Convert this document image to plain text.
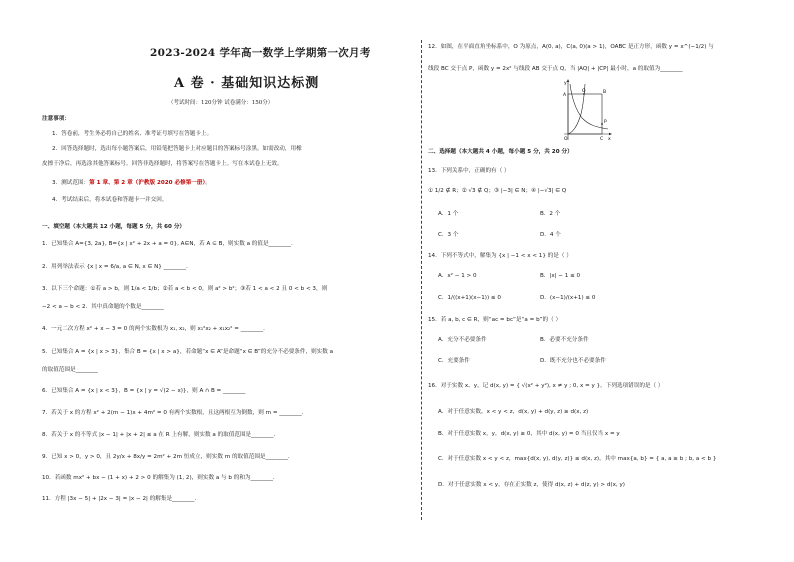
2023-2024 学年高一数学上学期第一次月考
A 卷 · 基础知识达标测
（考试时间：120分钟 试卷满分：150分）
注意事项：
1．答卷前，考生务必将自己的姓名、准考证号填写在答题卡上。
2．回答选择题时，选出每小题答案后，用铅笔把答题卡上对应题目的答案标号涂黑。如需改动，用橡
皮擦干净后，再选涂其他答案标号。回答非选择题时，将答案写在答题卡上。写在本试卷上无效。
3．测试范围：第 1 章、第 2 章（沪教版 2020 必修第一册）。
4．考试结束后，将本试卷和答题卡一并交回。
一、填空题（本大题共 12 小题，每题 5 分，共 60 分）
1．已知集合 A={3, 2a}, B={x | x² + 2x + a = 0}, A∈N，若 A ⊆ B，则实数 a 的值是________.
2．用列举法表示 {x | x = 6/a, a ∈ N, x ∈ N} ________.
3．以下三个命题：①若 a > b，则 1/a < 1/b；②若 a < b < 0，则 a² > b²；③若 1 < a < 2 且 0 < b < 3，则
−2 < a − b < 2．其中真命题的个数是________
4．一元二次方程 x² + x − 3 = 0 的两个实数根为 x₁, x₂，则 x₁²x₂ + x₁x₂² = ________.
5．已知集合 A = {x | x > 3}，集合 B = {x | x > a}，若命题“x ∈ A”是命题“x ∈ B”的充分不必要条件，则实数 a
的取值范围是________
6．已知集合 A = {x | x < 3}，B = {x | y = √(2 − x)}，则 A ∩ B = ________
7．若关于 x 的方程 x² + 2(m − 1)x + 4m² = 0 有两个实数根，且这两根互为倒数，则 m = ________.
8．若关于 x 的不等式 |x − 1| + |x + 2| ≤ a 在 R 上有解，则实数 a 的取值范围是________.
9．已知 x > 0，y > 0，且 2y/x + 8x/y = 2m² + 2m 恒成立，则实数 m 的取值范围是________.
10．若函数 mx² + bx − (1 + x) + 2 > 0 的解集为 (1, 2)，则实数 a 与 b 的和为________.
11．方程 |3x − 5| + |2x − 3| = |x − 2| 的解集是________.
12．如图，在平面直角坐标系中，O 为原点，A(0, a)，C(a, 0)(a > 1)，OABC 是正方形，函数 y = x^(−1/2) 与
线段 BC 交于点 P，函数 y = 2x² 与线段 AB 交于点 Q，当 |AQ| + |CP| 最小时，a 的取值为________
y
A
Q	B
P
O	C x
二、选择题（本大题共 4 小题，每小题 5 分，共 20 分）
13．下列关系中，正确的有（ ）
① 1/2 ∉ R；② √3 ∉ Q；③ |−3| ∈ N；④ |−√3| ∈ Q
A．1 个	B．2 个
C．3 个	D．4 个
14．下列不等式中，解集为 {x | −1 < x < 1} 的是（ ）
A．x² − 1 > 0	B．|x| − 1 ≤ 0
C．1/((x+1)(x−1)) ≤ 0	D．(x−1)/(x+1) ≤ 0
15．若 a, b, c ∈ R，则“ac = bc”是“a = b”的（ ）
A．充分不必要条件	B．必要不充分条件
C．充要条件	D．既不充分也不必要条件
16．对于实数 x、y，记 d(x, y) = { √(x² + y²), x ≠ y ; 0, x = y }，下列选项错误的是（ ）
A．对于任意实数，x < y < z，d(x, y) + d(y, z) ≥ d(x, z)
B．对于任意实数 x，y，d(x, y) ≥ 0，其中 d(x, y) = 0 当且仅当 x = y
C．对于任意实数 x < y < z，max{d(x, y), d(y, z)} ≤ d(x, z)，其中 max{a, b} = { a, a ≥ b ; b, a < b }
D．对于任意实数 x < y，存在正实数 z，使得 d(x, z) + d(z, y) > d(x, y)
